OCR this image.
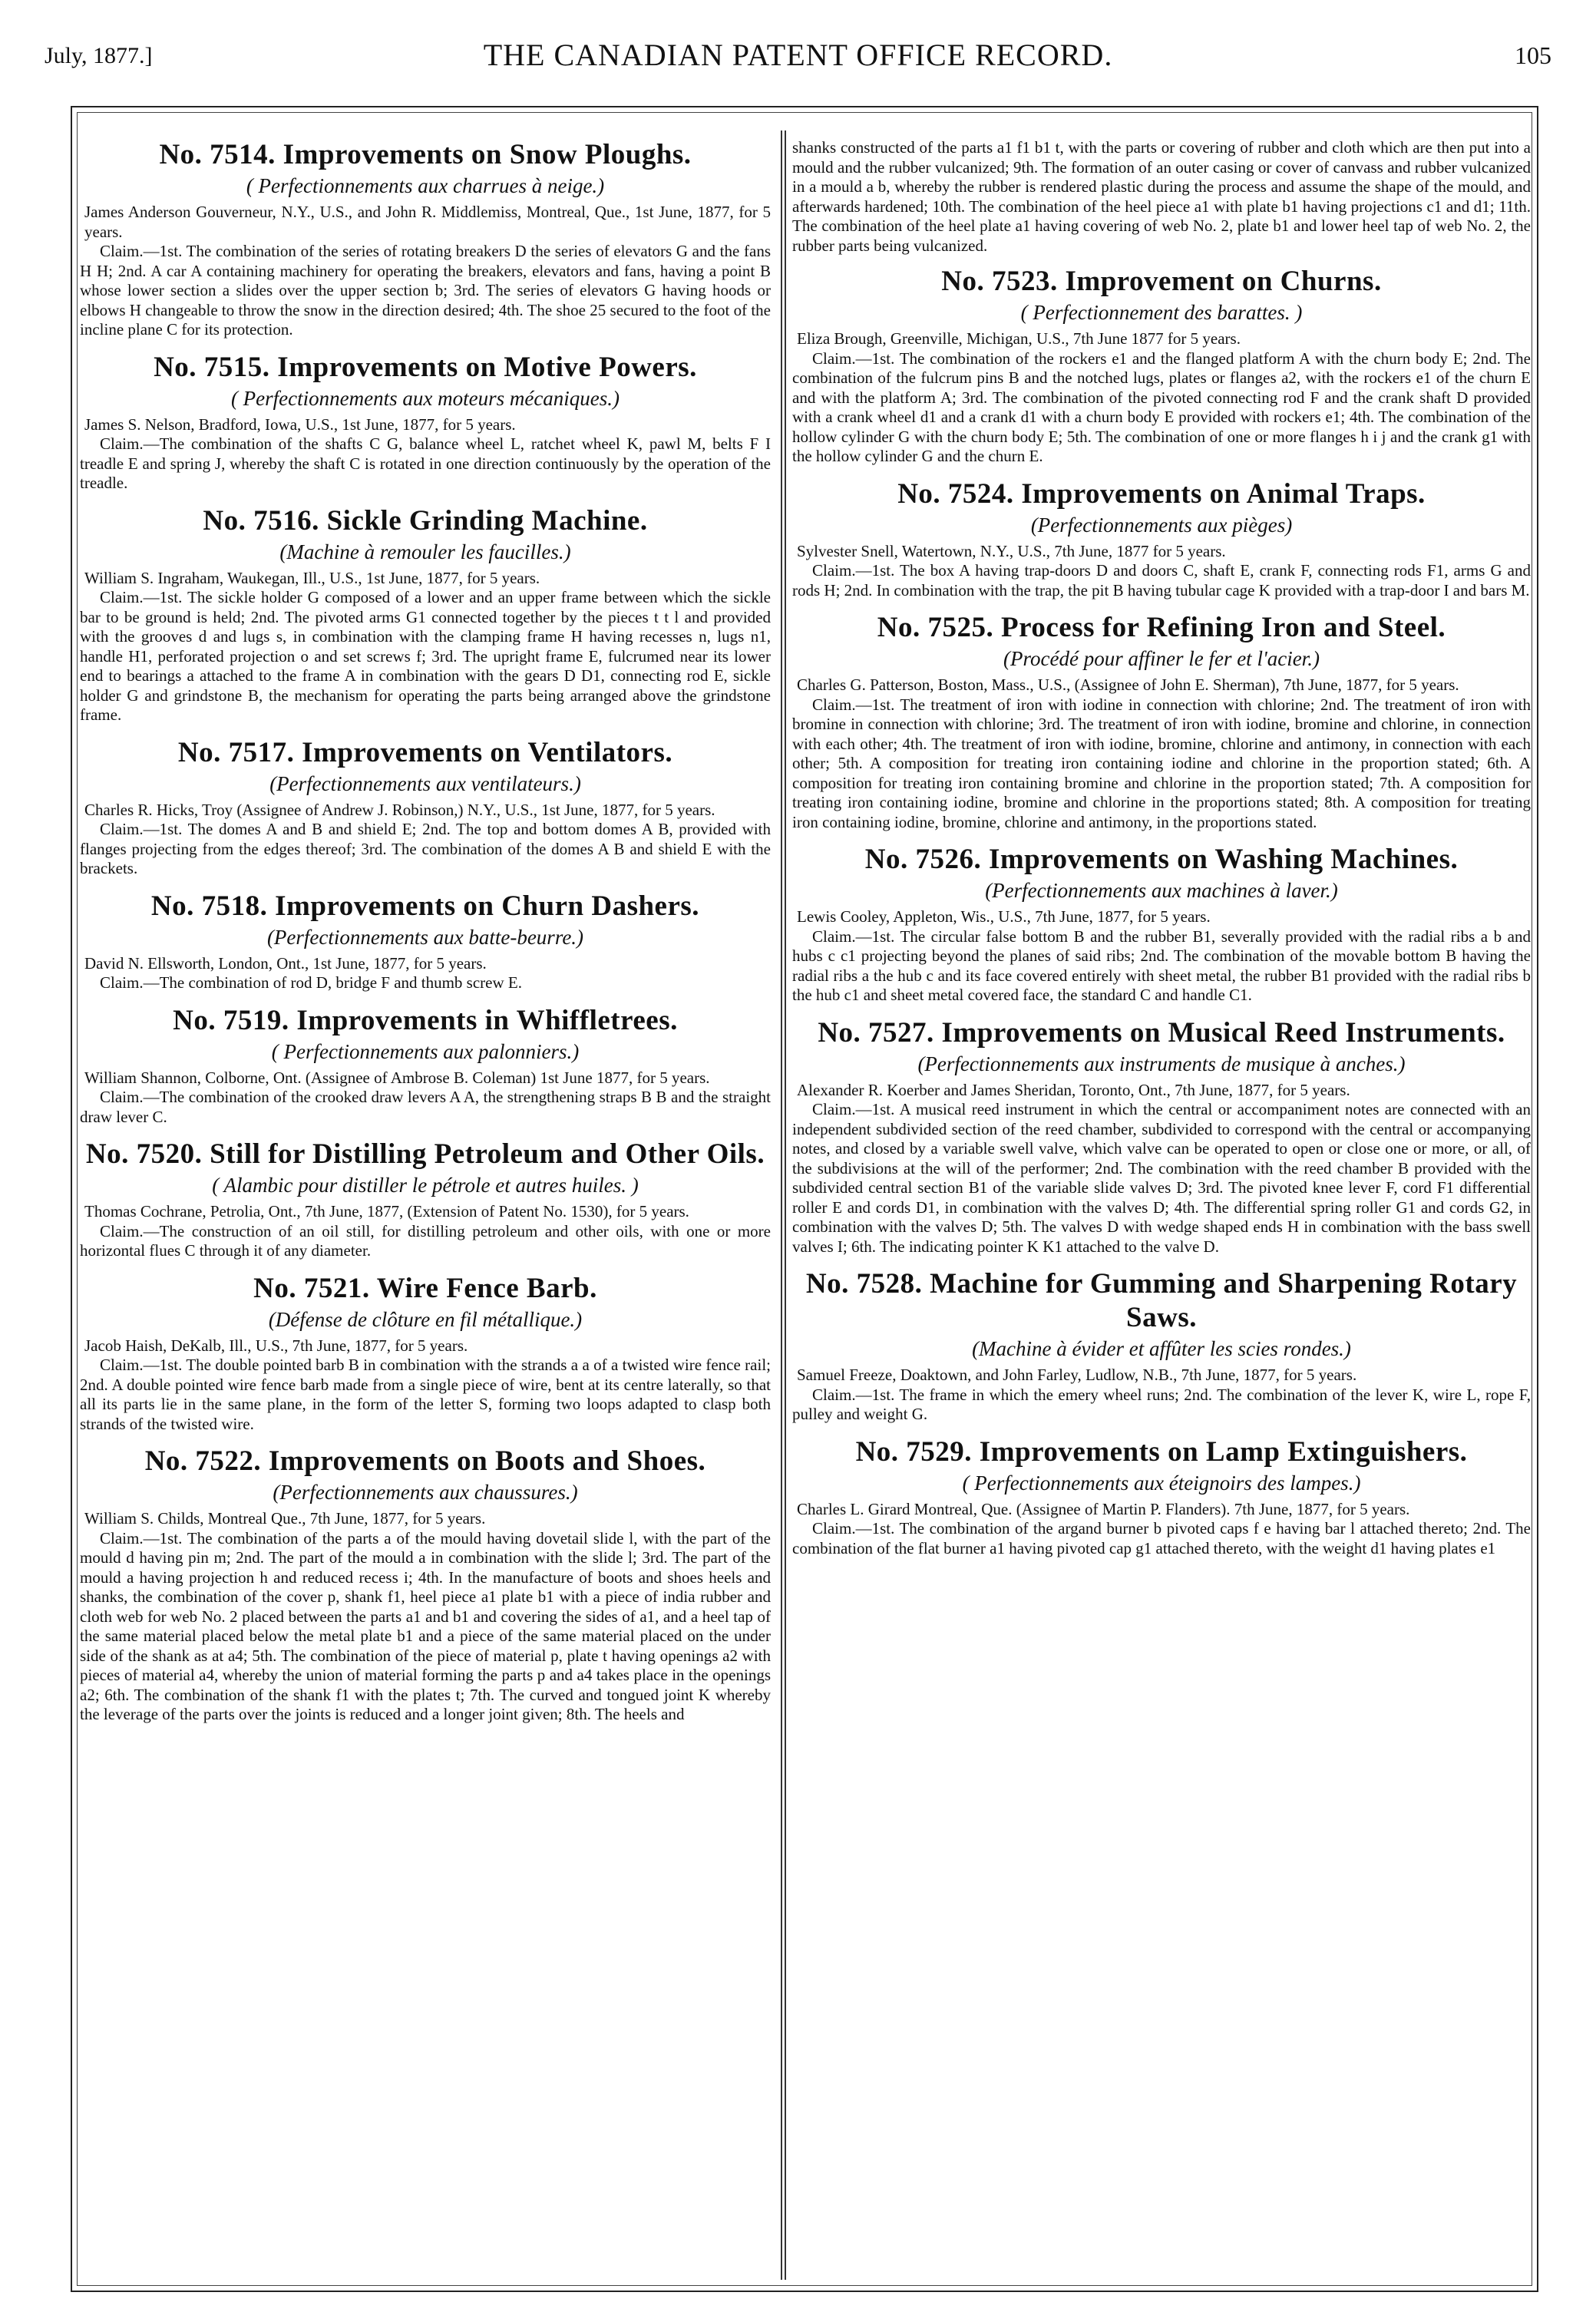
July, 1877.]	THE CANADIAN PATENT OFFICE RECORD.	105
No. 7514. Improvements on Snow Ploughs.
( Perfectionnements aux charrues à neige.)

James Anderson Gouverneur, N.Y., U.S., and John R. Middlemiss, Montreal, Que., 1st June, 1877, for 5 years.

Claim.—1st. The combination of the series of rotating breakers D the series of elevators G and the fans H H; 2nd. A car A containing machinery for operating the breakers, elevators and fans, having a point B whose lower section a slides over the upper section b; 3rd. The series of elevators G having hoods or elbows H changeable to throw the snow in the direction desired; 4th. The shoe 25 secured to the foot of the incline plane C for its protection.

No. 7515. Improvements on Motive Powers.
( Perfectionnements aux moteurs mécaniques.)

James S. Nelson, Bradford, Iowa, U.S., 1st June, 1877, for 5 years.

Claim.—The combination of the shafts C G, balance wheel L, ratchet wheel K, pawl M, belts F I treadle E and spring J, whereby the shaft C is rotated in one direction continuously by the operation of the treadle.

No. 7516. Sickle Grinding Machine.
(Machine à remouler les faucilles.)

William S. Ingraham, Waukegan, Ill., U.S., 1st June, 1877, for 5 years.

Claim.—1st. The sickle holder G composed of a lower and an upper frame between which the sickle bar to be ground is held; 2nd. The pivoted arms G1 connected together by the pieces t t l and provided with the grooves d and lugs s, in combination with the clamping frame H having recesses n, lugs n1, handle H1, perforated projection o and set screws f; 3rd. The upright frame E, fulcrumed near its lower end to bearings a attached to the frame A in combination with the gears D D1, connecting rod E, sickle holder G and grindstone B, the mechanism for operating the parts being arranged above the grindstone frame.

No. 7517. Improvements on Ventilators.
(Perfectionnements aux ventilateurs.)

Charles R. Hicks, Troy (Assignee of Andrew J. Robinson,) N.Y., U.S., 1st June, 1877, for 5 years.

Claim.—1st. The domes A and B and shield E; 2nd. The top and bottom domes A B, provided with flanges projecting from the edges thereof; 3rd. The combination of the domes A B and shield E with the brackets.

No. 7518. Improvements on Churn Dashers.
(Perfectionnements aux batte-beurre.)

David N. Ellsworth, London, Ont., 1st June, 1877, for 5 years.

Claim.—The combination of rod D, bridge F and thumb screw E.

No. 7519. Improvements in Whiffletrees.
( Perfectionnements aux palonniers.)

William Shannon, Colborne, Ont. (Assignee of Ambrose B. Coleman) 1st June 1877, for 5 years.

Claim.—The combination of the crooked draw levers A A, the strengthening straps B B and the straight draw lever C.

No. 7520. Still for Distilling Petroleum and Other Oils.
( Alambic pour distiller le pétrole et autres huiles. )

Thomas Cochrane, Petrolia, Ont., 7th June, 1877, (Extension of Patent No. 1530), for 5 years.

Claim.—The construction of an oil still, for distilling petroleum and other oils, with one or more horizontal flues C through it of any diameter.

No. 7521. Wire Fence Barb.
(Défense de clôture en fil métallique.)

Jacob Haish, DeKalb, Ill., U.S., 7th June, 1877, for 5 years.

Claim.—1st. The double pointed barb B in combination with the strands a a of a twisted wire fence rail; 2nd. A double pointed wire fence barb made from a single piece of wire, bent at its centre laterally, so that all its parts lie in the same plane, in the form of the letter S, forming two loops adapted to clasp both strands of the twisted wire.

No. 7522. Improvements on Boots and Shoes.
(Perfectionnements aux chaussures.)

William S. Childs, Montreal Que., 7th June, 1877, for 5 years.

Claim.—1st. The combination of the parts a of the mould having dovetail slide l, with the part of the mould d having pin m; 2nd. The part of the mould a in combination with the slide l; 3rd. The part of the mould a having projection h and reduced recess i; 4th. In the manufacture of boots and shoes heels and shanks, the combination of the cover p, shank f1, heel piece a1 plate b1 with a piece of india rubber and cloth web for web No. 2 placed between the parts a1 and b1 and covering the sides of a1, and a heel tap of the same material placed below the metal plate b1 and a piece of the same material placed on the under side of the shank as at a4; 5th. The combination of the piece of material p, plate t having openings a2 with pieces of material a4, whereby the union of material forming the parts p and a4 takes place in the openings a2; 6th. The combination of the shank f1 with the plates t; 7th. The curved and tongued joint K whereby the leverage of the parts over the joints is reduced and a longer joint given; 8th. The heels and

shanks constructed of the parts a1 f1 b1 t, with the parts or covering of rubber and cloth which are then put into a mould and the rubber vulcanized; 9th. The formation of an outer casing or cover of canvass and rubber vulcanized in a mould a b, whereby the rubber is rendered plastic during the process and assume the shape of the mould, and afterwards hardened; 10th. The combination of the heel piece a1 with plate b1 having projections c1 and d1; 11th. The combination of the heel plate a1 having covering of web No. 2, plate b1 and lower heel tap of web No. 2, the rubber parts being vulcanized.

No. 7523. Improvement on Churns.
( Perfectionnement des barattes. )

Eliza Brough, Greenville, Michigan, U.S., 7th June 1877 for 5 years.

Claim.—1st. The combination of the rockers e1 and the flanged platform A with the churn body E; 2nd. The combination of the fulcrum pins B and the notched lugs, plates or flanges a2, with the rockers e1 of the churn E and with the platform A; 3rd. The combination of the pivoted connecting rod F and the crank shaft D provided with a crank wheel d1 and a crank d1 with a churn body E provided with rockers e1; 4th. The combination of the hollow cylinder G with the churn body E; 5th. The combination of one or more flanges h i j and the crank g1 with the hollow cylinder G and the churn E.

No. 7524. Improvements on Animal Traps.
(Perfectionnements aux pièges)

Sylvester Snell, Watertown, N.Y., U.S., 7th June, 1877 for 5 years.

Claim.—1st. The box A having trap-doors D and doors C, shaft E, crank F, connecting rods F1, arms G and rods H; 2nd. In combination with the trap, the pit B having tubular cage K provided with a trap-door I and bars M.

No. 7525. Process for Refining Iron and Steel.
(Procédé pour affiner le fer et l'acier.)

Charles G. Patterson, Boston, Mass., U.S., (Assignee of John E. Sherman), 7th June, 1877, for 5 years.

Claim.—1st. The treatment of iron with iodine in connection with chlorine; 2nd. The treatment of iron with bromine in connection with chlorine; 3rd. The treatment of iron with iodine, bromine and chlorine, in connection with each other; 4th. The treatment of iron with iodine, bromine, chlorine and antimony, in connection with each other; 5th. A composition for treating iron containing iodine and chlorine in the proportion stated; 6th. A composition for treating iron containing bromine and chlorine in the proportion stated; 7th. A composition for treating iron containing iodine, bromine and chlorine in the proportions stated; 8th. A composition for treating iron containing iodine, bromine, chlorine and antimony, in the proportions stated.

No. 7526. Improvements on Washing Machines.
(Perfectionnements aux machines à laver.)

Lewis Cooley, Appleton, Wis., U.S., 7th June, 1877, for 5 years.

Claim.—1st. The circular false bottom B and the rubber B1, severally provided with the radial ribs a b and hubs c c1 projecting beyond the planes of said ribs; 2nd. The combination of the movable bottom B having the radial ribs a the hub c and its face covered entirely with sheet metal, the rubber B1 provided with the radial ribs b the hub c1 and sheet metal covered face, the standard C and handle C1.

No. 7527. Improvements on Musical Reed Instruments.
(Perfectionnements aux instruments de musique à anches.)

Alexander R. Koerber and James Sheridan, Toronto, Ont., 7th June, 1877, for 5 years.

Claim.—1st. A musical reed instrument in which the central or accompaniment notes are connected with an independent subdivided section of the reed chamber, subdivided to correspond with the central or accompanying notes, and closed by a variable swell valve, which valve can be operated to open or close one or more, or all, of the subdivisions at the will of the performer; 2nd. The combination with the reed chamber B provided with the subdivided central section B1 of the variable slide valves D; 3rd. The pivoted knee lever F, cord F1 differential roller E and cords D1, in combination with the valves D; 4th. The differential spring roller G1 and cords G2, in combination with the valves D; 5th. The valves D with wedge shaped ends H in combination with the bass swell valves I; 6th. The indicating pointer K K1 attached to the valve D.

No. 7528. Machine for Gumming and Sharpening Rotary Saws.
(Machine à évider et affûter les scies rondes.)

Samuel Freeze, Doaktown, and John Farley, Ludlow, N.B., 7th June, 1877, for 5 years.

Claim.—1st. The frame in which the emery wheel runs; 2nd. The combination of the lever K, wire L, rope F, pulley and weight G.

No. 7529. Improvements on Lamp Extinguishers.
( Perfectionnements aux éteignoirs des lampes.)

Charles L. Girard Montreal, Que. (Assignee of Martin P. Flanders). 7th June, 1877, for 5 years.

Claim.—1st. The combination of the argand burner b pivoted caps f e having bar l attached thereto; 2nd. The combination of the flat burner a1 having pivoted cap g1 attached thereto, with the weight d1 having plates e1
